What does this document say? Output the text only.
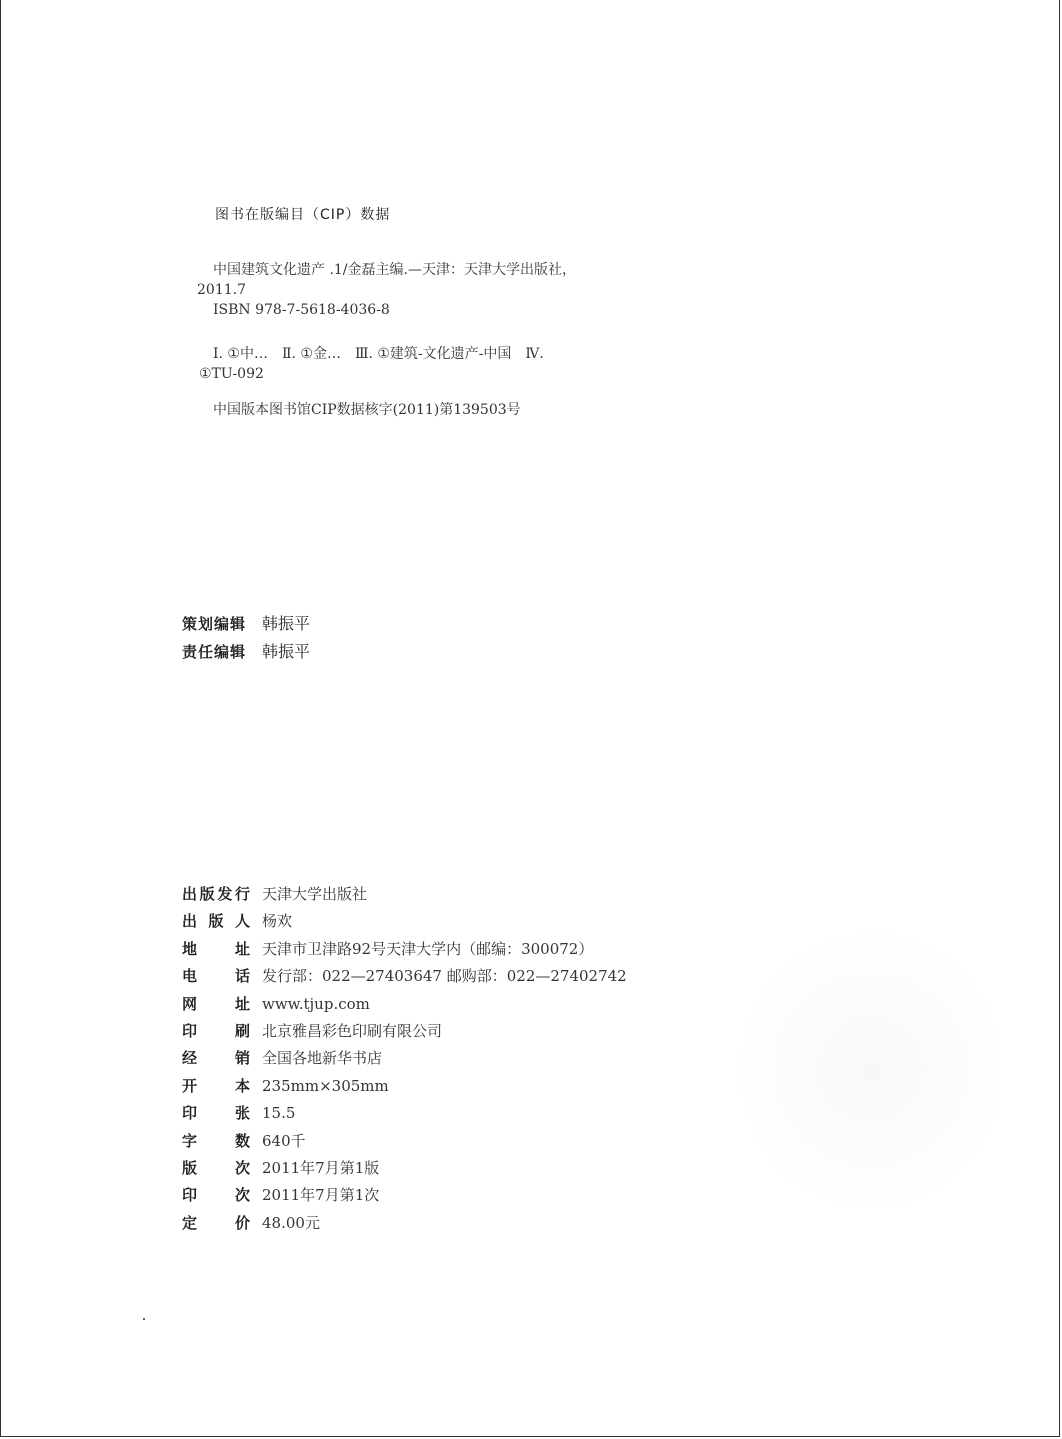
图书在版编目（CIP）数据
中国建筑文化遗产 .1/金磊主编.—天津：天津大学出版社，
2011.7
ISBN 978-7-5618-4036-8
Ⅰ. ①中…　Ⅱ. ①金…　Ⅲ. ①建筑-文化遗产-中国　Ⅳ.
①TU-092
中国版本图书馆CIP数据核字(2011)第139503号
策划编辑 韩振平
责任编辑 韩振平
出 版 发 行 天津大学出版社
出 版 人 杨欢
地	址 天津市卫津路92号天津大学内（邮编：300072）
电	话 发行部：022—27403647 邮购部：022—27402742
网	址 www.tjup.com
印	刷 北京雅昌彩色印刷有限公司
经	销 全国各地新华书店
开	本 235mm×305mm
印	张 15.5
字	数 640千
版	次 2011年7月第1版
印	次 2011年7月第1次
定	价 48.00元
